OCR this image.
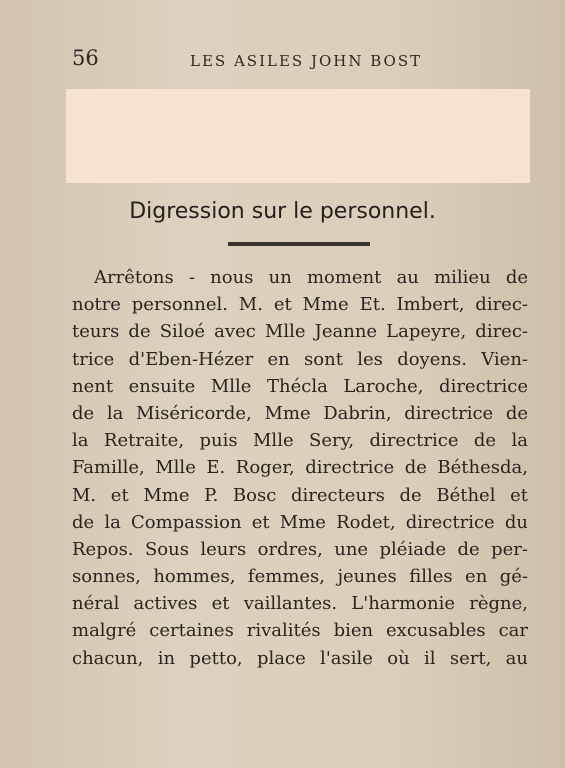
56	LES ASILES JOHN BOST
Digression sur le personnel.
Arrêtons - nous un moment au milieu de
notre personnel. M. et Mme Et. Imbert, direc-
teurs de Siloé avec Mlle Jeanne Lapeyre, direc-
trice d'Eben-Hézer en sont les doyens. Vien-
nent ensuite Mlle Thécla Laroche, directrice
de la Miséricorde, Mme Dabrin, directrice de
la Retraite, puis Mlle Sery, directrice de la
Famille, Mlle E. Roger, directrice de Béthesda,
M. et Mme P. Bosc directeurs de Béthel et
de la Compassion et Mme Rodet, directrice du
Repos. Sous leurs ordres, une pléiade de per-
sonnes, hommes, femmes, jeunes filles en gé-
néral actives et vaillantes. L'harmonie règne,
malgré certaines rivalités bien excusables car
chacun, in petto, place l'asile où il sert, au
